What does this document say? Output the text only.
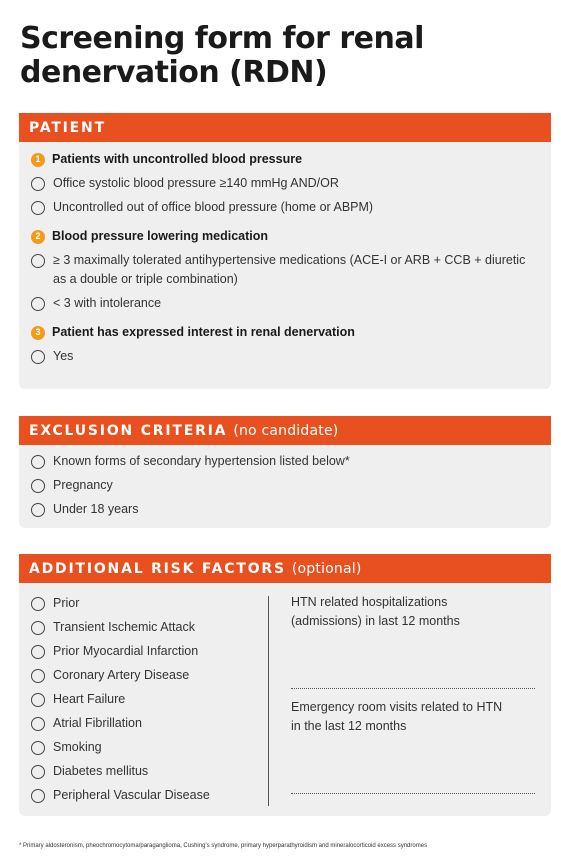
Screening form for renal denervation (RDN)
PATIENT
1 Patients with uncontrolled blood pressure
Office systolic blood pressure ≥140 mmHg AND/OR
Uncontrolled out of office blood pressure (home or ABPM)
2 Blood pressure lowering medication
≥ 3 maximally tolerated antihypertensive medications (ACE-I or ARB + CCB + diuretic as a double or triple combination)
< 3 with intolerance
3 Patient has expressed interest in renal denervation
Yes
EXCLUSION CRITERIA (no candidate)
Known forms of secondary hypertension listed below*
Pregnancy
Under 18 years
ADDITIONAL RISK FACTORS (optional)
Prior
Transient Ischemic Attack
Prior Myocardial Infarction
Coronary Artery Disease
Heart Failure
Atrial Fibrillation
Smoking
Diabetes mellitus
Peripheral Vascular Disease
HTN related hospitalizations (admissions) in last 12 months
Emergency room visits related to HTN in the last 12 months
* Primary aldosteronism, pheochromocytoma/paraganglioma, Cushing’s syndrome, primary hyperparathyroidism and mineralocorticoid excess syndromes
